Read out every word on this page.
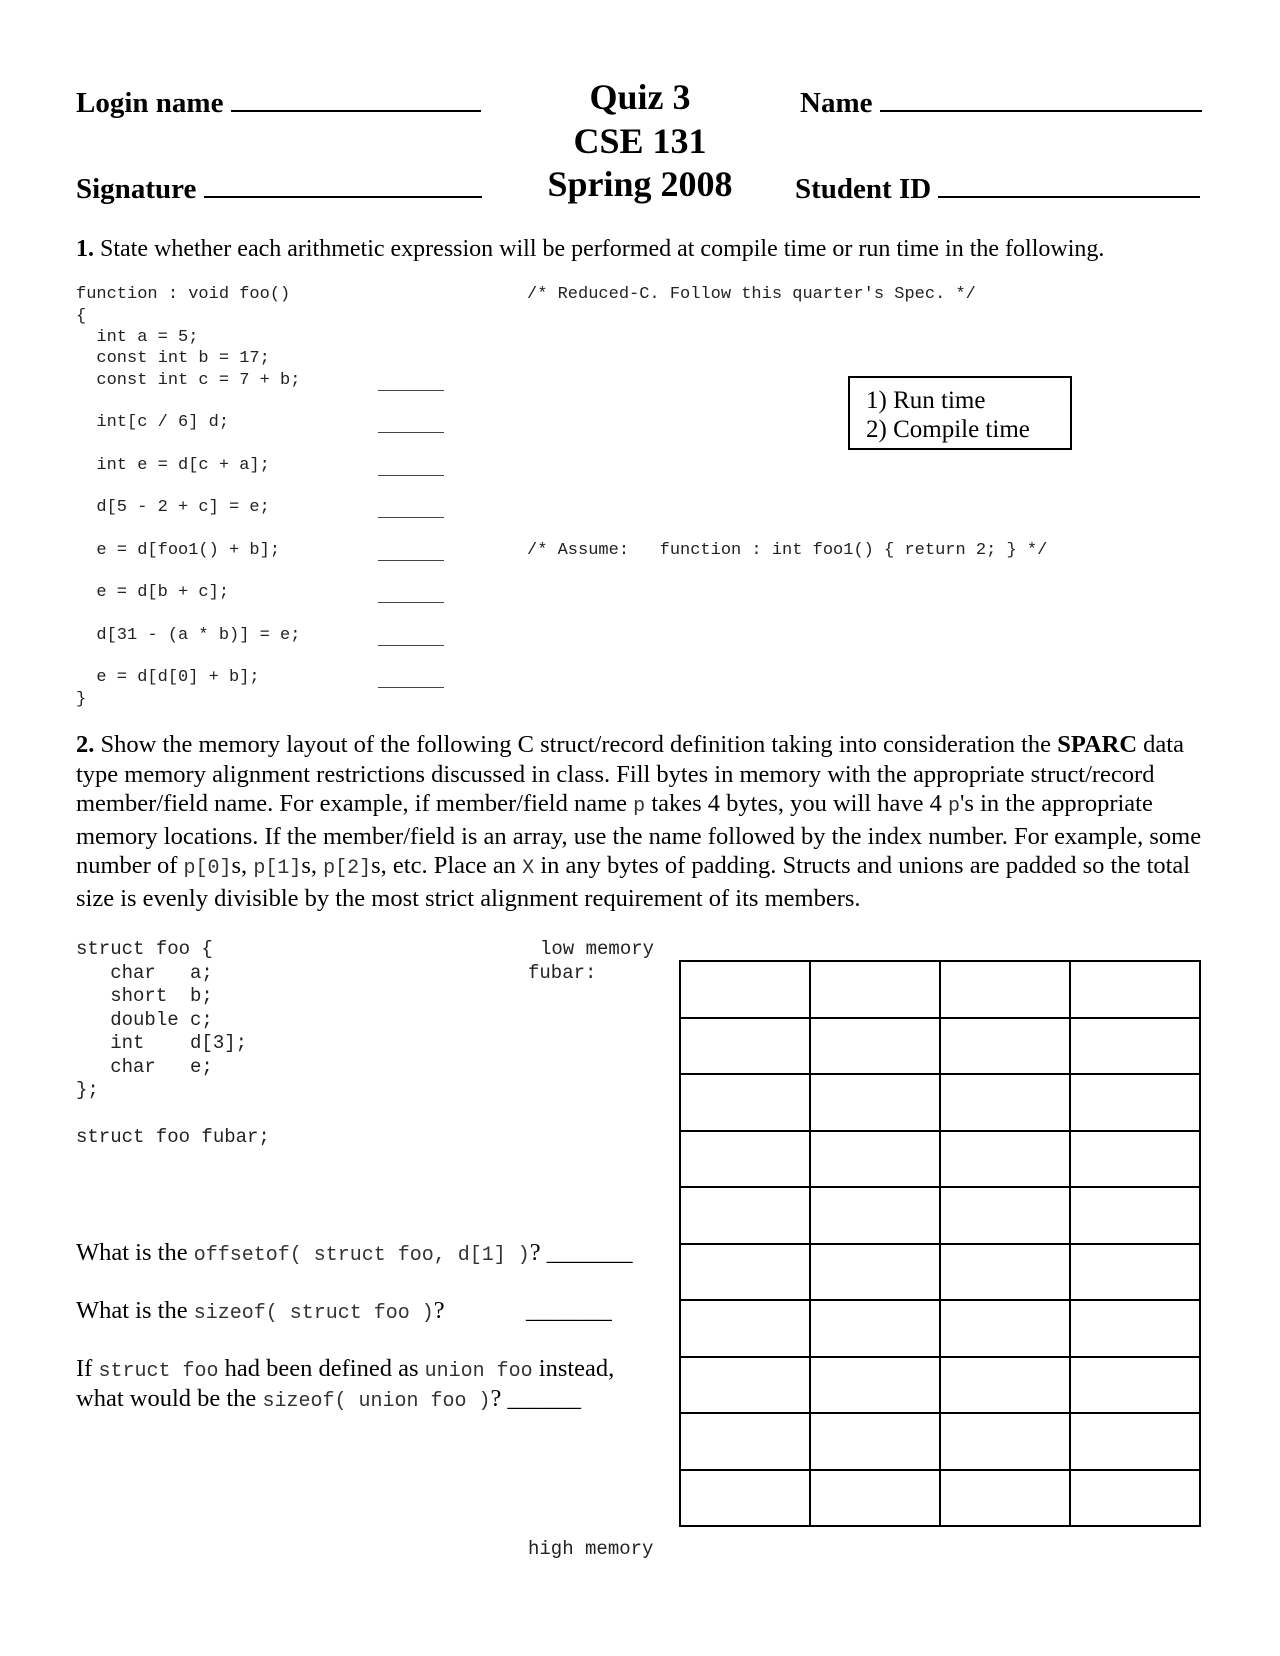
Login name
Signature
Quiz 3
CSE 131
Spring 2008
Name
Student ID
1. State whether each arithmetic expression will be performed at compile time or run time in the following.
function : void foo()
{
int a = 5;
const int b = 17;
const int c = 7 + b;
int[c / 6] d;
int e = d[c + a];
d[5 - 2 + c] = e;
e = d[foo1() + b];
e = d[b + c];
d[31 - (a * b)] = e;
e = d[d[0] + b];
}
/* Reduced-C. Follow this quarter's Spec. */
/* Assume:   function : int foo1() { return 2; } */
1) Run time
2) Compile time
2. Show the memory layout of the following C struct/record definition taking into consideration the SPARC data type memory alignment restrictions discussed in class. Fill bytes in memory with the appropriate struct/record member/field name. For example, if member/field name p takes 4 bytes, you will have 4 p's in the appropriate memory locations. If the member/field is an array, use the name followed by the index number. For example, some number of p[0]s, p[1]s, p[2]s, etc. Place an X in any bytes of padding. Structs and unions are padded so the total size is evenly divisible by the most strict alignment requirement of its members.
struct foo {
char   a;
short  b;
double c;
int    d[3];
char   e;
};
struct foo fubar;
low memory
fubar:
high memory
What is the offsetof( struct foo, d[1] )? _______
What is the sizeof( struct foo )?	_______
If struct foo had been defined as union foo instead,
what would be the sizeof( union foo )? ______
